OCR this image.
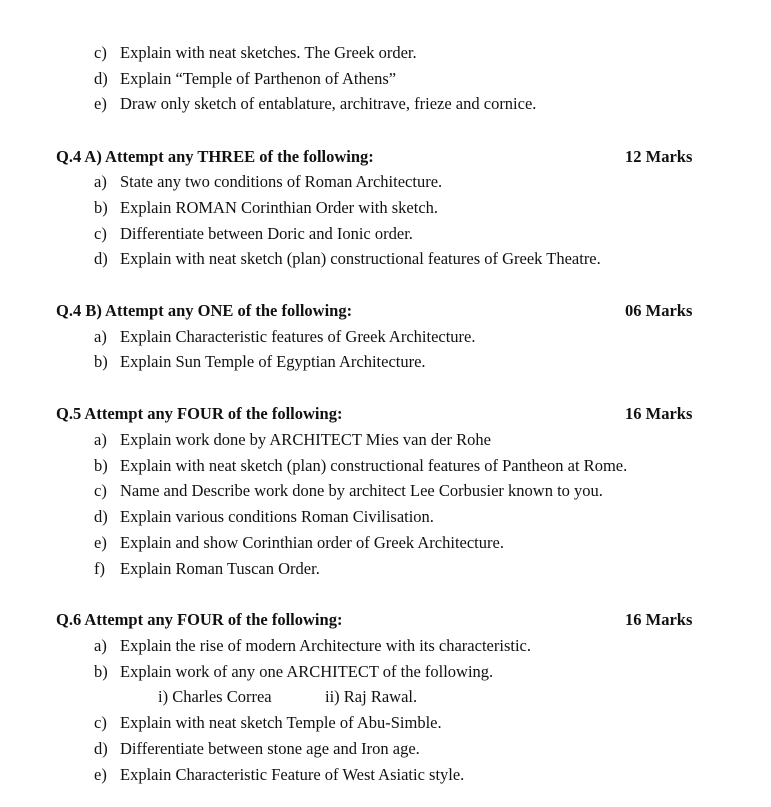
c) Explain with neat sketches. The Greek order.
d) Explain “Temple of Parthenon of Athens”
e) Draw only sketch of entablature, architrave, frieze and cornice.
Q.4 A) Attempt any THREE of the following:	12 Marks
a) State any two conditions of Roman Architecture.
b) Explain ROMAN Corinthian Order with sketch.
c) Differentiate between Doric and Ionic order.
d) Explain with neat sketch (plan) constructional features of Greek Theatre.
Q.4 B) Attempt any ONE of the following:	06 Marks
a) Explain Characteristic features of Greek Architecture.
b) Explain Sun Temple of Egyptian Architecture.
Q.5 Attempt any FOUR of the following:	16 Marks
a) Explain work done by ARCHITECT Mies van der Rohe
b) Explain with neat sketch (plan) constructional features of Pantheon at Rome.
c) Name and Describe work done by architect Lee Corbusier known to you.
d) Explain various conditions Roman Civilisation.
e) Explain and show Corinthian order of Greek Architecture.
f) Explain Roman Tuscan Order.
Q.6 Attempt any FOUR of the following:	16 Marks
a) Explain the rise of modern Architecture with its characteristic.
b) Explain work of any one ARCHITECT of the following.
i) Charles Correa	ii) Raj Rawal.
c) Explain with neat sketch Temple of Abu-Simble.
d) Differentiate between stone age and Iron age.
e) Explain Characteristic Feature of West Asiatic style.
